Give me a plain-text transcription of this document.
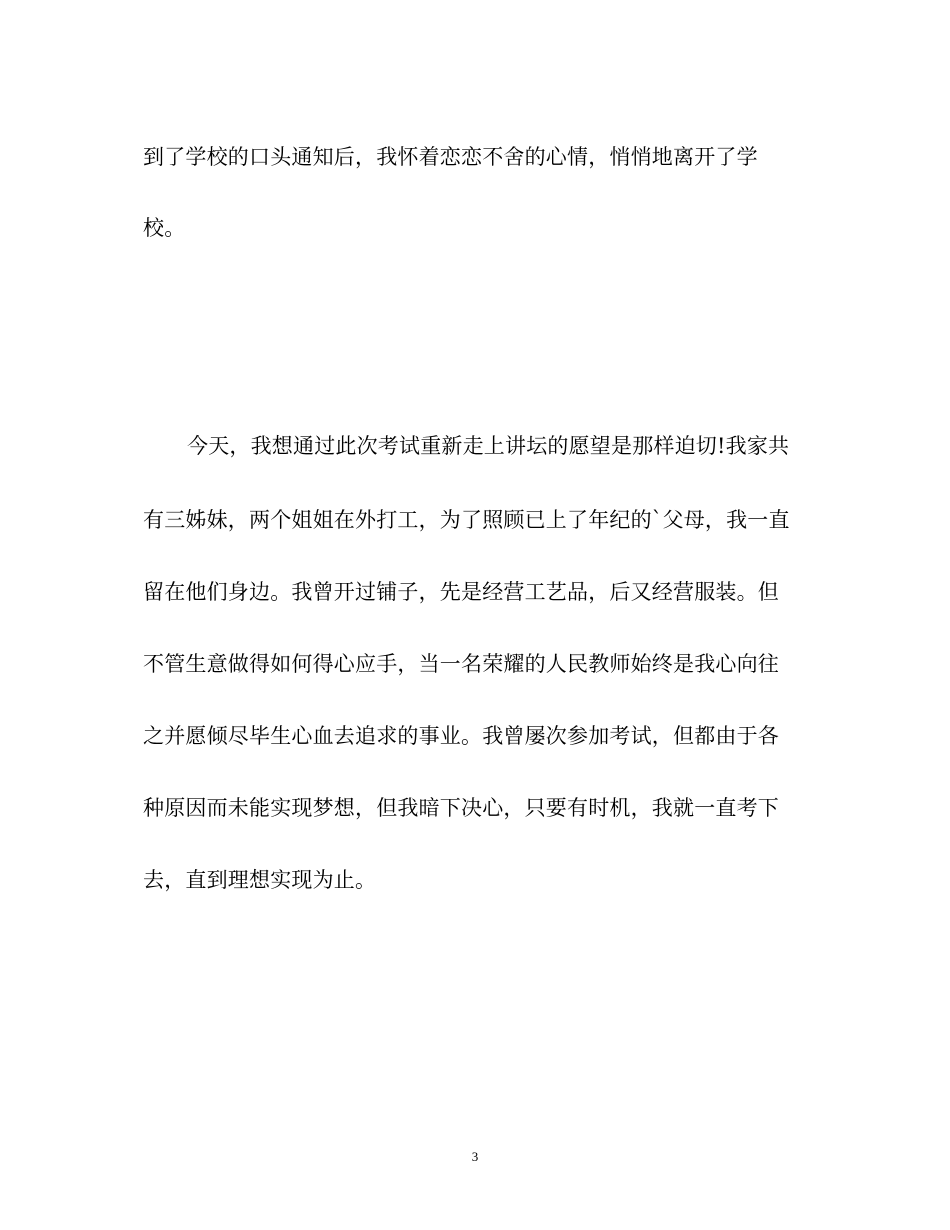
到了学校的口头通知后，我怀着恋恋不舍的心情，悄悄地离开了学
校。
今天，我想通过此次考试重新走上讲坛的愿望是那样迫切!我家共
有三姊妹，两个姐姐在外打工，为了照顾已上了年纪的`父母，我一直
留在他们身边。我曾开过铺子，先是经营工艺品，后又经营服装。但
不管生意做得如何得心应手，当一名荣耀的人民教师始终是我心向往
之并愿倾尽毕生心血去追求的事业。我曾屡次参加考试，但都由于各
种原因而未能实现梦想，但我暗下决心，只要有时机，我就一直考下
去，直到理想实现为止。
3
